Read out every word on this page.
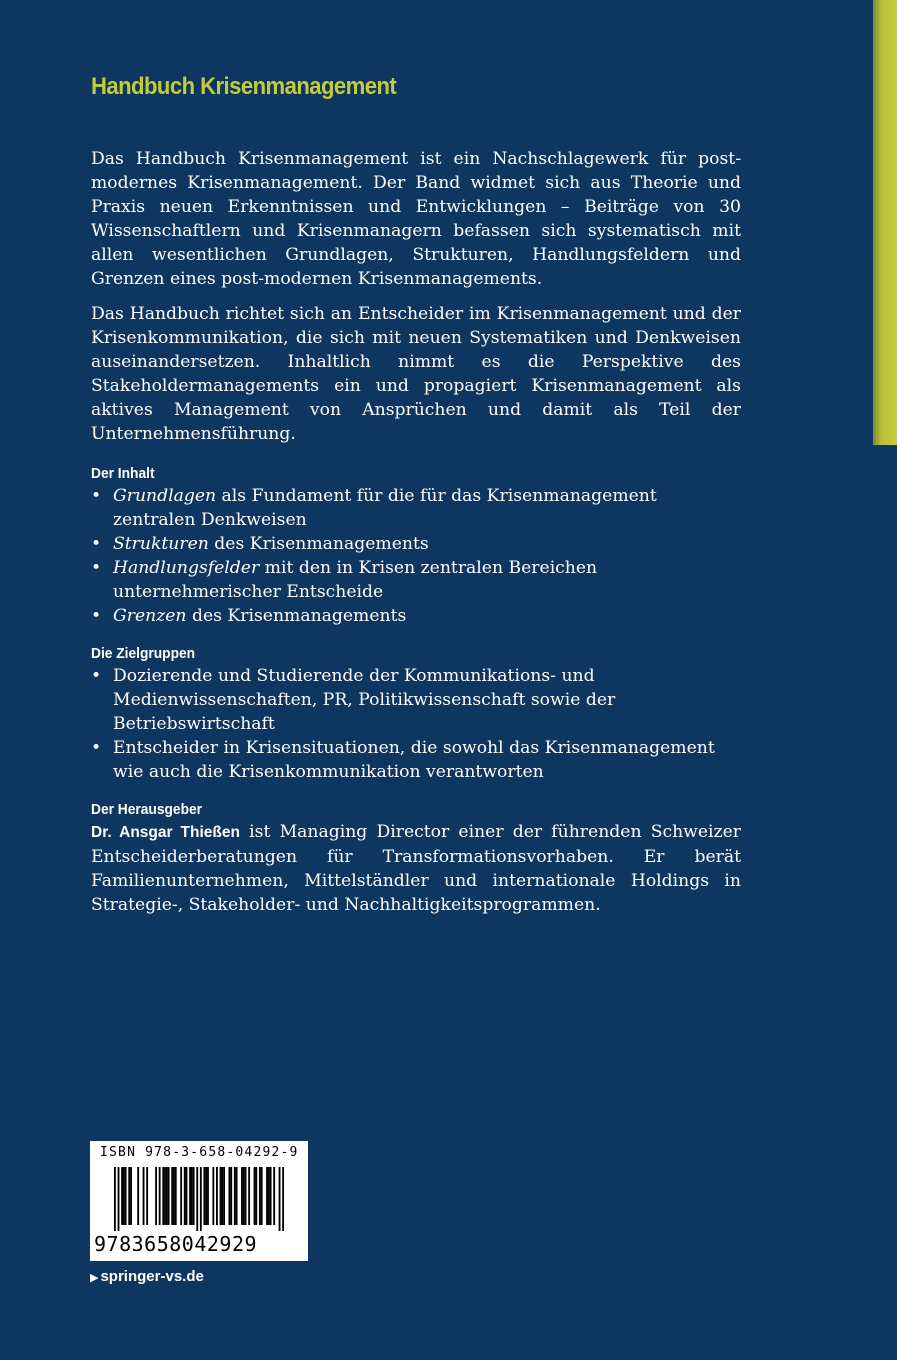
Handbuch Krisenmanagement

Das Handbuch Krisenmanagement ist ein Nachschlagewerk für post-modernes Krisenmanagement. Der Band widmet sich aus Theorie und Praxis neuen Erkenntnissen und Entwicklungen – Beiträge von 30 Wissenschaftlern und Krisenmanagern befassen sich systematisch mit allen wesentlichen Grundlagen, Strukturen, Handlungsfeldern und Grenzen eines post-modernen Krisenmanagements.

Das Handbuch richtet sich an Entscheider im Krisenmanagement und der Krisenkommunikation, die sich mit neuen Systematiken und Denkweisen auseinandersetzen. Inhaltlich nimmt es die Perspektive des Stakeholdermanagements ein und propagiert Krisenmanagement als aktives Management von Ansprüchen und damit als Teil der Unternehmensführung.

Der Inhalt
• Grundlagen als Fundament für die für das Krisenmanagement zentralen Denkweisen
• Strukturen des Krisenmanagements
• Handlungsfelder mit den in Krisen zentralen Bereichen unternehmerischer Entscheide
• Grenzen des Krisenmanagements
Die Zielgruppen
• Dozierende und Studierende der Kommunikations- und Medienwissenschaften, PR, Politikwissenschaft sowie der Betriebswirtschaft
• Entscheider in Krisensituationen, die sowohl das Krisenmanagement wie auch die Krisenkommunikation verantworten
Der Herausgeber

Dr. Ansgar Thießen ist Managing Director einer der führenden Schweizer Entscheiderberatungen für Transformationsvorhaben. Er berät Familienunternehmen, Mittelständler und internationale Holdings in Strategie-, Stakeholder- und Nachhaltigkeitsprogrammen.

ISBN 978-3-658-04292-9
9783658042929
▶ springer-vs.de
